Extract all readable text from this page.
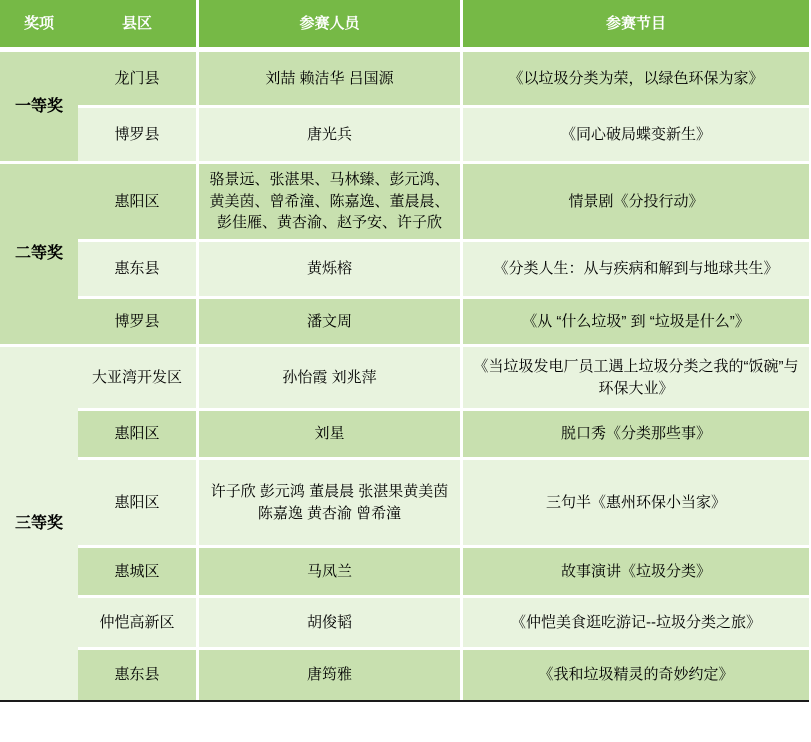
奖项	县区	参赛人员	参赛节目
一等奖	龙门县	刘喆 赖洁华 吕国源	《以垃圾分类为荣，以绿色环保为家》
	博罗县	唐光兵	《同心破局蝶变新生》
二等奖	惠阳区	骆景远、张湛果、马林臻、彭元鸿、黄美茵、曾希潼、陈嘉逸、董晨晨、彭佳雁、黄杏渝、赵予安、许子欣	情景剧《分投行动》
	惠东县	黄烁榕	《分类人生：从与疾病和解到与地球共生》
	博罗县	潘文周	《从 “什么垃圾” 到 “垃圾是什么”》
三等奖	大亚湾开发区	孙怡霞 刘兆萍	《当垃圾发电厂员工遇上垃圾分类之我的“饭碗”与环保大业》
	惠阳区	刘星	脱口秀《分类那些事》
	惠阳区	许子欣 彭元鸿 董晨晨 张湛果黄美茵 陈嘉逸 黄杏渝 曾希潼	三句半《惠州环保小当家》
	惠城区	马凤兰	故事演讲《垃圾分类》
	仲恺高新区	胡俊韬	《仲恺美食逛吃游记--垃圾分类之旅》
	惠东县	唐筠雅	《我和垃圾精灵的奇妙约定》
